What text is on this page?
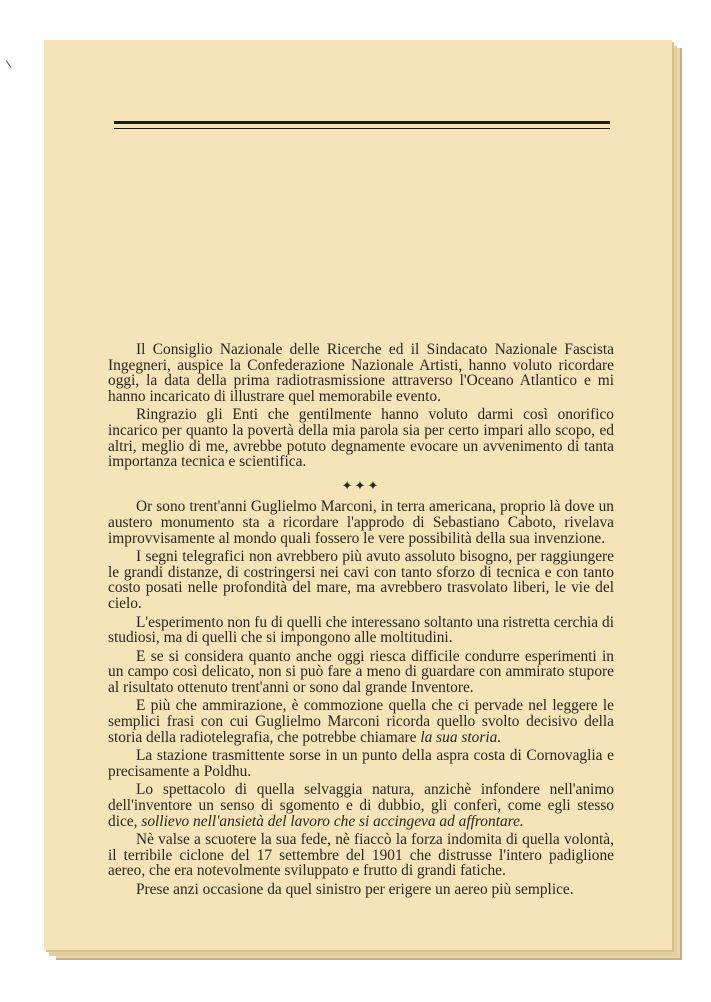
Il Consiglio Nazionale delle Ricerche ed il Sindacato Nazionale Fascista Ingegneri, auspice la Confederazione Nazionale Artisti, hanno voluto ricordare oggi, la data della prima radiotrasmissione attraverso l'Oceano Atlantico e mi hanno incaricato di illustrare quel memorabile evento.

Ringrazio gli Enti che gentilmente hanno voluto darmi così onorifico incarico per quanto la povertà della mia parola sia per certo impari allo scopo, ed altri, meglio di me, avrebbe potuto degnamente evocare un avvenimento di tanta importanza tecnica e scientifica.

✦✦✦

Or sono trent'anni Guglielmo Marconi, in terra americana, proprio là dove un austero monumento sta a ricordare l'approdo di Sebastiano Caboto, rivelava improvvisamente al mondo quali fossero le vere possibilità della sua invenzione.

I segni telegrafici non avrebbero più avuto assoluto bisogno, per raggiungere le grandi distanze, di costringersi nei cavi con tanto sforzo di tecnica e con tanto costo posati nelle profondità del mare, ma avrebbero trasvolato liberi, le vie del cielo.

L'esperimento non fu di quelli che interessano soltanto una ristretta cerchia di studiosi, ma di quelli che si impongono alle moltitudini.

E se si considera quanto anche oggi riesca difficile condurre esperimenti in un campo così delicato, non si può fare a meno di guardare con ammirato stupore al risultato ottenuto trent'anni or sono dal grande Inventore.

E più che ammirazione, è commozione quella che ci pervade nel leggere le semplici frasi con cui Guglielmo Marconi ricorda quello svolto decisivo della storia della radiotelegrafia, che potrebbe chiamare la sua storia.

La stazione trasmittente sorse in un punto della aspra costa di Cornovaglia e precisamente a Poldhu.

Lo spettacolo di quella selvaggia natura, anzichè infondere nell'animo dell'inventore un senso di sgomento e di dubbio, gli conferì, come egli stesso dice, sollievo nell'ansietà del lavoro che si accingeva ad affrontare.

Nè valse a scuotere la sua fede, nè fiaccò la forza indomita di quella volontà, il terribile ciclone del 17 settembre del 1901 che distrusse l'intero padiglione aereo, che era notevolmente sviluppato e frutto di grandi fatiche.

Prese anzi occasione da quel sinistro per erigere un aereo più semplice.
